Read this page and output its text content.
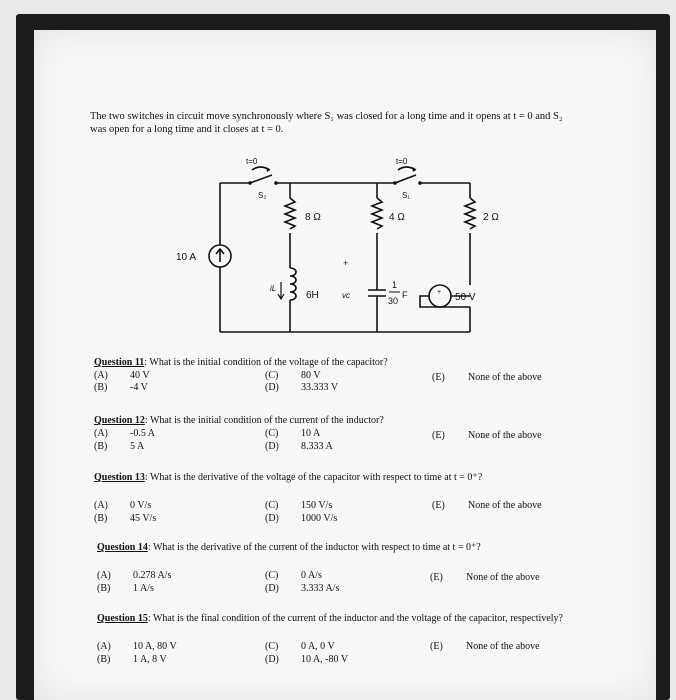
The two switches in circuit move synchronously where S₁ was closed for a long time and it opens at t = 0 and S₂ was open for a long time and it closes at t = 0.
+
t=0	t=0
S₂	S₁
8 Ω	4 Ω	2 Ω
10 A	+
iL
6H	vc
1
30
F	50 V
Question 11: What is the initial condition of the voltage of the capacitor?
(A) 40 V
(B) -4 V
(C) 80 V
(D) 33.333 V
(E) None of the above
Question 12: What is the initial condition of the current of the inductor?
(A) -0.5 A
(B) 5 A
(C) 10 A
(D) 8.333 A
(E) None of the above
Question 13: What is the derivative of the voltage of the capacitor with respect to time at t = 0⁺?
(A) 0 V/s
(B) 45 V/s
(C) 150 V/s
(D) 1000 V/s
(E) None of the above
Question 14: What is the derivative of the current of the inductor with respect to time at t = 0⁺?
(A) 0.278 A/s
(B) 1 A/s
(C) 0 A/s
(D) 3.333 A/s
(E) None of the above
Question 15: What is the final condition of the current of the inductor and the voltage of the capacitor, respectively?
(A) 10 A, 80 V
(B) 1 A, 8 V
(C) 0 A, 0 V
(D) 10 A, -80 V
(E) None of the above
